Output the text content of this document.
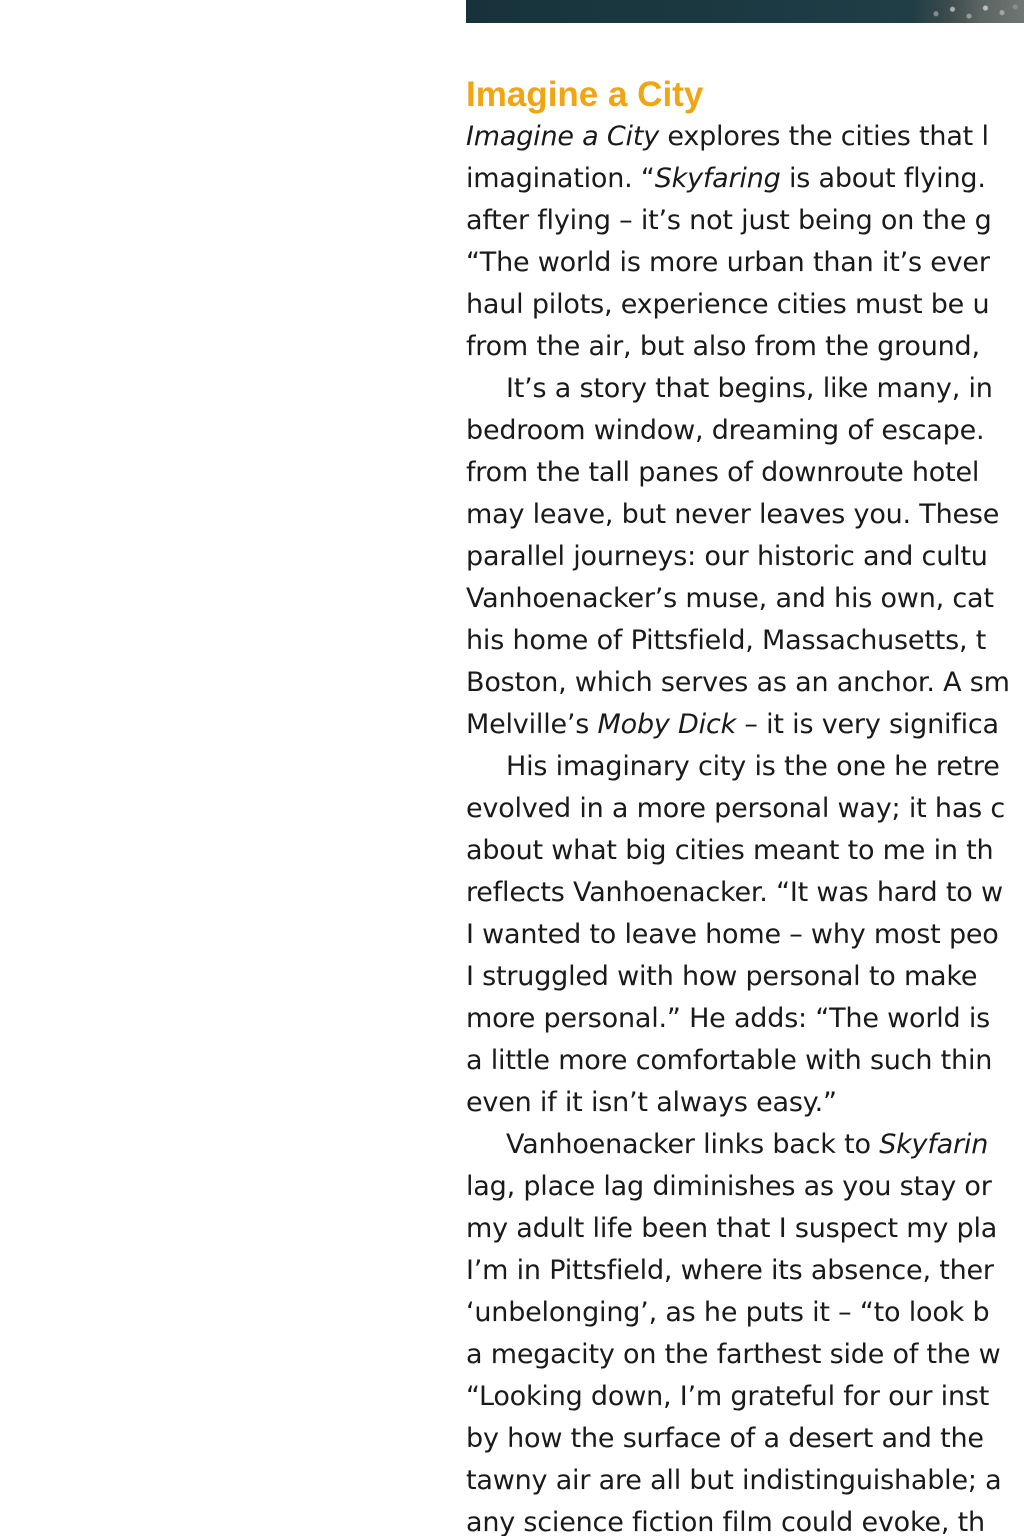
Imagine a City
Imagine a City explores the cities that l
imagination. “Skyfaring is about flying.
after flying – it’s not just being on the g
“The world is more urban than it’s ever
haul pilots, experience cities must be u
from the air, but also from the ground,
It’s a story that begins, like many, in
bedroom window, dreaming of escape.
from the tall panes of downroute hotel
may leave, but never leaves you. These
parallel journeys: our historic and cultu
Vanhoenacker’s muse, and his own, cat
his home of Pittsfield, Massachusetts, t
Boston, which serves as an anchor. A sm
Melville’s Moby Dick – it is very significa
His imaginary city is the one he retre
evolved in a more personal way; it has c
about what big cities meant to me in th
reflects Vanhoenacker. “It was hard to w
I wanted to leave home – why most peo
I struggled with how personal to make
more personal.” He adds: “The world is
a little more comfortable with such thin
even if it isn’t always easy.”
Vanhoenacker links back to Skyfarin
lag, place lag diminishes as you stay or
my adult life been that I suspect my pla
I’m in Pittsfield, where its absence, ther
‘unbelonging’, as he puts it – “to look b
a megacity on the farthest side of the w
“Looking down, I’m grateful for our inst
by how the surface of a desert and the
tawny air are all but indistinguishable; a
any science fiction film could evoke, th
